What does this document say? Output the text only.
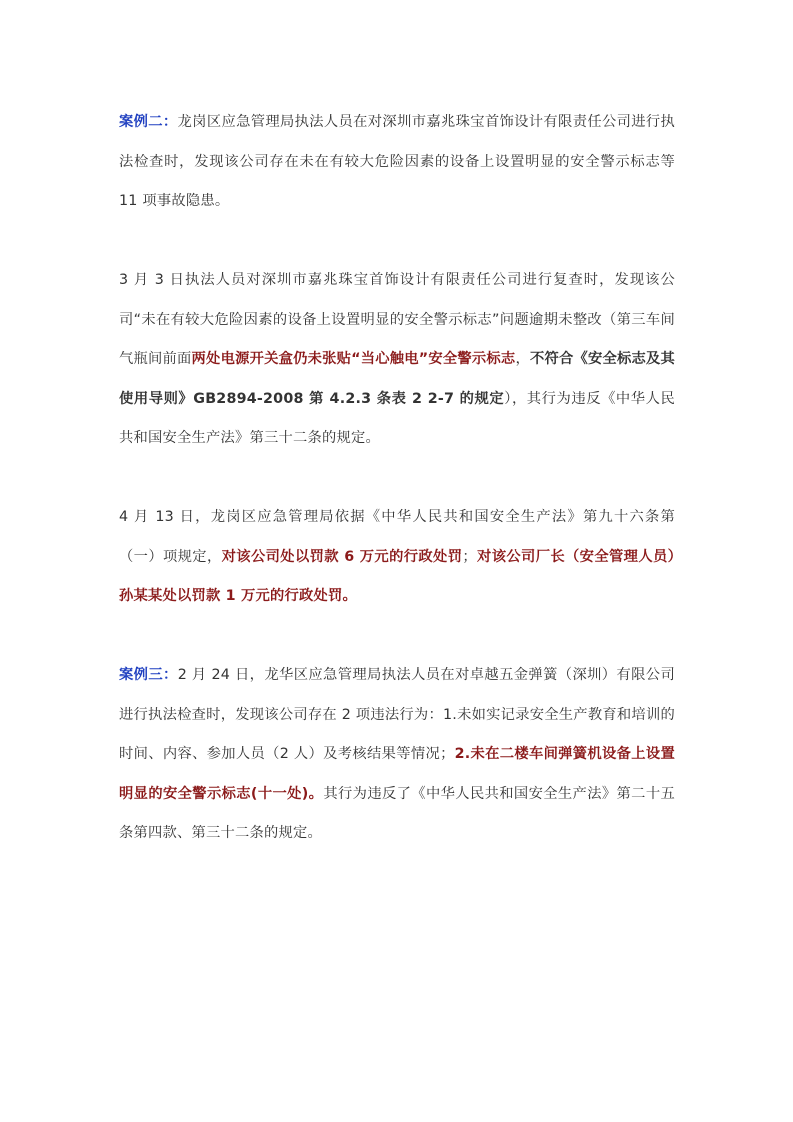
案例二：龙岗区应急管理局执法人员在对深圳市嘉兆珠宝首饰设计有限责任公司进行执法检查时，发现该公司存在未在有较大危险因素的设备上设置明显的安全警示标志等 11 项事故隐患。

3 月 3 日执法人员对深圳市嘉兆珠宝首饰设计有限责任公司进行复查时，发现该公司“未在有较大危险因素的设备上设置明显的安全警示标志”问题逾期未整改（第三车间气瓶间前面两处电源开关盒仍未张贴“当心触电”安全警示标志，不符合《安全标志及其使用导则》GB2894-2008 第 4.2.3 条表 2 2-7 的规定），其行为违反《中华人民共和国安全生产法》第三十二条的规定。

4 月 13 日，龙岗区应急管理局依据《中华人民共和国安全生产法》第九十六条第（一）项规定，对该公司处以罚款 6 万元的行政处罚；对该公司厂长（安全管理人员）孙某某处以罚款 1 万元的行政处罚。

案例三：2 月 24 日，龙华区应急管理局执法人员在对卓越五金弹簧（深圳）有限公司进行执法检查时，发现该公司存在 2 项违法行为：1.未如实记录安全生产教育和培训的时间、内容、参加人员（2 人）及考核结果等情况；2.未在二楼车间弹簧机设备上设置明显的安全警示标志(十一处)。其行为违反了《中华人民共和国安全生产法》第二十五条第四款、第三十二条的规定。
